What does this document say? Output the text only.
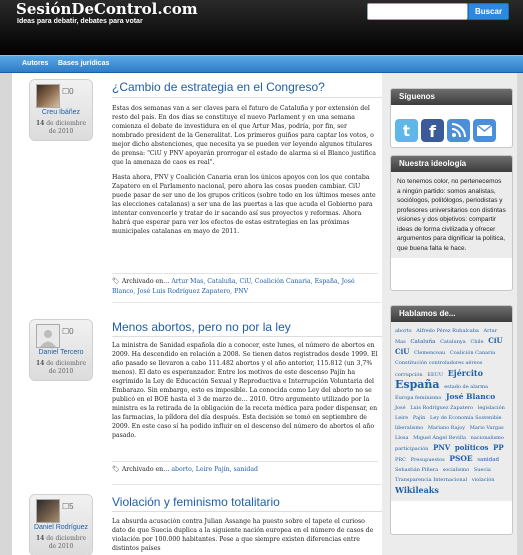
SesiónDeControl.com
Ideas para debatir, debates para votar
Buscar
Autores Bases jurídicas
☐0
Creu Ibáñez
14 de diciembre
de 2010
¿Cambio de estrategia en el Congreso?

Estas dos semanas van a ser claves para el futuro de Cataluña y por extensión del resto del país. En dos días se constituye el nuevo Parlament y en una semana comienza el debate de investidura en el que Artur Mas, podría, por fin, ser nombrado president de la Generalitat. Los primeros guiños para captar los votos, o mejor dicho abstenciones, que necesita ya se pueden ver leyendo algunos titulares de prensa: "CiU y PNV apoyarán prorrogar el estado de alarma si el Blanco justifica que la amenaza de caos es real".

Hasta ahora, PNV y Coalición Canaria eran los únicos apoyos con los que contaba Zapatero en el Parlamento nacional, pero ahora las cosas pueden cambiar. CiU puede pasar de ser uno de los grupos críticos (sobre todo en los últimos meses ante las elecciones catalanas) a ser una de las puertas a las que acuda el Gobierno para intentar convencerle y tratar de ir sacando así sus proyectos y reformas. Ahora habrá que esperar para ver los efectos de estas estrategias en las próximas municipales catalanas en mayo de 2011.

🏷 Archivado en… Artur Mas, Cataluña, CiU, Coalición Canaria, España, José Blanco, José Luis Rodríguez Zapatero, PNV
☐0
Daniel Tercero
14 de diciembre
de 2010
Menos abortos, pero no por la ley

La ministra de Sanidad española dio a conocer, este lunes, el número de abortos en 2009. Ha descendido en relación a 2008. Se tienen datos registrados desde 1999. El año pasado se llevaron a cabo 111.482 abortos y el año anterior, 115.812 (un 3,7% menos). El dato es esperanzador. Entre los motivos de este descenso Pajín ha esgrimido la Ley de Educación Sexual y Reproductiva e Interrupción Voluntaria del Embarazo. Sin embargo, esto es imposible. La conocida como Ley del aborto no se publicó en el BOE hasta el 3 de marzo de… 2010. Otro argumento utilizado por la ministra es la retirada de la obligación de la receta médica para poder dispensar, en las farmacias, la píldora del día después. Esta decisión se tomó en septiembre de 2009. En este caso sí ha podido influir en el descenso del número de abortos el año pasado.

🏷 Archivado en… aborto, Leire Pajín, sanidad
☐5
Daniel Rodríguez
14 de diciembre
de 2010
Violación y feminismo totalitario

La absurda acusación contra Julian Assange ha puesto sobre el tapete el curioso dato de que Suecia duplica a la siguiente nación europea en el número de casos de violación por 100.000 habitantes. Pese a que siempre existen diferencias entre distintos países

Síguenos
t f
Nuestra ideología
No tenemos color, no pertenecemos a ningún partido: somos analistas, sociólogos, politólogos, periodistas y profesores universitarios con distintas visiones y dos objetivos: compartir ideas de forma civilizada y ofrecer argumentos para dignificar la política, que buena falta le hace.
Hablamos de...
aborto Alfredo Pérez Rubalcaba Artur Mas Cataluña Catalunya Chile CiU CiU Clemenceau Coalición Canaria Constitución controladores aéreos corrupción EEUU Ejército España estado de alarma Europa feminismo José Blanco José Luis Rodríguez Zapatero legislación Leire Pajín Ley de Economía Sostenible liberalismo Mariano Rajoy Mario Vargas Llosa Miguel Ángel Revilla nacionalismo participación PNV políticos PP PRC Presupuestos PSOE sanidad Sebastián Piñera socialismo Suecia Transparencia Internacional violación Wikileaks
